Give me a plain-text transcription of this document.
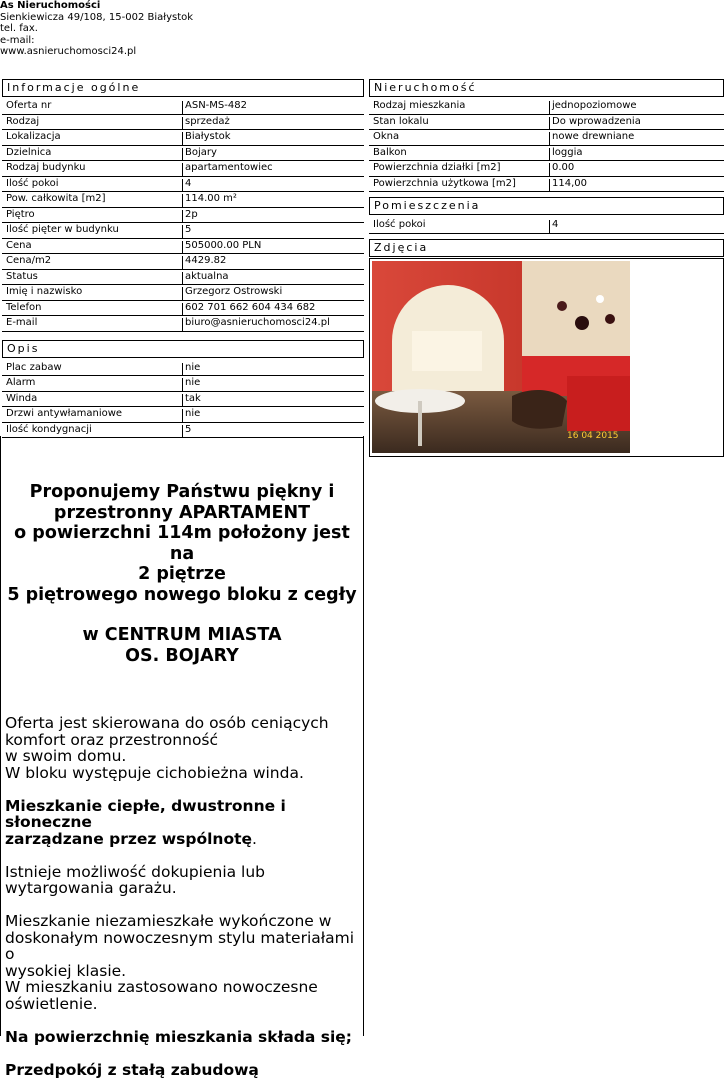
As Nieruchomości
Sienkiewicza 49/108, 15-002 Białystok
tel. fax.
e-mail:
www.asnieruchomosci24.pl
Informacje ogólne
Oferta nr	ASN-MS-482
Rodzaj	sprzedaż
Lokalizacja	Białystok
Dzielnica	Bojary
Rodzaj budynku	apartamentowiec
Ilość pokoi	4
Pow. całkowita [m2]	114.00 m²
Piętro	2p
Ilość pięter w budynku	5
Cena	505000.00 PLN
Cena/m2	4429.82
Status	aktualna
Imię i nazwisko	Grzegorz Ostrowski
Telefon	602 701 662 604 434 682
E-mail	biuro@asnieruchomosci24.pl
Opis
Plac zabaw	nie
Alarm	nie
Winda	tak
Drzwi antywłamaniowe	nie
Ilość kondygnacji	5
Nieruchomość
Rodzaj mieszkania	jednopoziomowe
Stan lokalu	Do wprowadzenia
Okna	nowe drewniane
Balkon	loggia
Powierzchnia działki [m2]	0.00
Powierzchnia użytkowa [m2]	114,00
Pomieszczenia
Ilość pokoi	4
Zdjęcia
16 04 2015
Proponujemy Państwu piękny i
przestronny APARTAMENT
o powierzchni 114m położony jest na
2 piętrze
5 piętrowego nowego bloku z cegły
w CENTRUM MIASTA
OS. BOJARY

Oferta jest skierowana do osób ceniących
komfort oraz przestronność
w swoim domu.
W bloku występuje cichobieżna winda.

Mieszkanie ciepłe, dwustronne i słoneczne
zarządzane przez wspólnotę.

Istnieje możliwość dokupienia lub
wytargowania garażu.

Mieszkanie niezamieszkałe wykończone w
doskonałym nowoczesnym stylu materiałami o
wysokiej klasie.
W mieszkaniu zastosowano nowoczesne
oświetlenie.

Na powierzchnię mieszkania składa się;

Przedpokój z stałą zabudową
